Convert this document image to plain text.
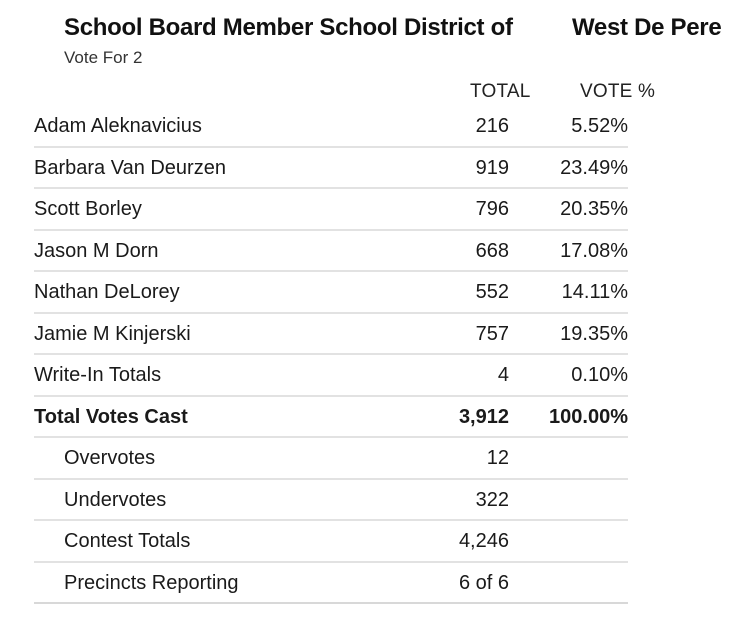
School Board Member School District of West De Pere
Vote For 2
TOTAL	VOTE %
Adam Aleknavicius	216	5.52%
Barbara Van Deurzen	919	23.49%
Scott Borley	796	20.35%
Jason M Dorn	668	17.08%
Nathan DeLorey	552	14.11%
Jamie M Kinjerski	757	19.35%
Write-In Totals	4	0.10%
Total Votes Cast	3,912 100.00%
Overvotes	12
Undervotes	322
Contest Totals	4,246
Precincts Reporting	6 of 6
